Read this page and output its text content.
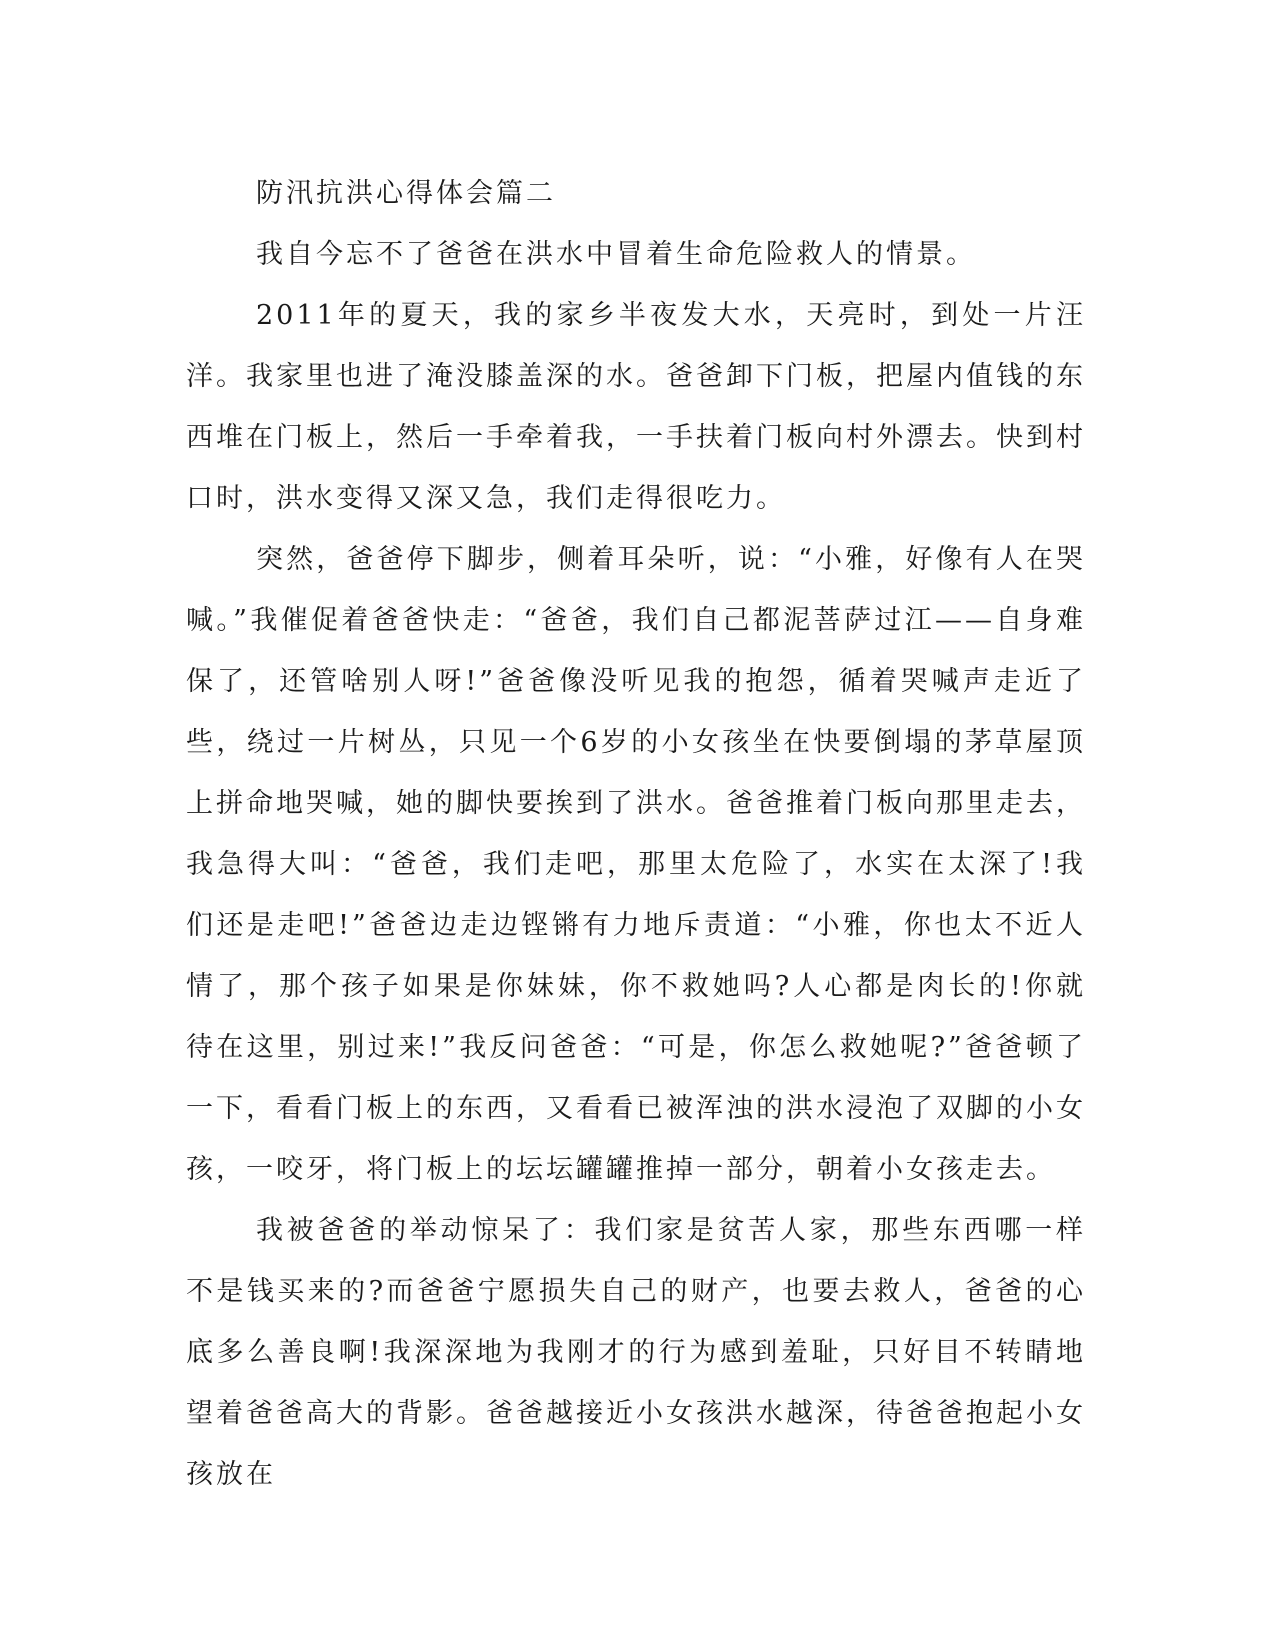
防汛抗洪心得体会篇二

我自今忘不了爸爸在洪水中冒着生命危险救人的情景。

2011年的夏天，我的家乡半夜发大水，天亮时，到处一片汪洋。我家里也进了淹没膝盖深的水。爸爸卸下门板，把屋内值钱的东西堆在门板上，然后一手牵着我，一手扶着门板向村外漂去。快到村口时，洪水变得又深又急，我们走得很吃力。

突然，爸爸停下脚步，侧着耳朵听，说：“小雅，好像有人在哭喊。”我催促着爸爸快走：“爸爸，我们自己都泥菩萨过江——自身难保了，还管啥别人呀!”爸爸像没听见我的抱怨，循着哭喊声走近了些，绕过一片树丛，只见一个6岁的小女孩坐在快要倒塌的茅草屋顶上拼命地哭喊，她的脚快要挨到了洪水。爸爸推着门板向那里走去，我急得大叫：“爸爸，我们走吧，那里太危险了，水实在太深了!我们还是走吧!”爸爸边走边铿锵有力地斥责道：“小雅，你也太不近人情了，那个孩子如果是你妹妹，你不救她吗?人心都是肉长的!你就待在这里，别过来!”我反问爸爸：“可是，你怎么救她呢?”爸爸顿了一下，看看门板上的东西，又看看已被浑浊的洪水浸泡了双脚的小女孩，一咬牙，将门板上的坛坛罐罐推掉一部分，朝着小女孩走去。

我被爸爸的举动惊呆了：我们家是贫苦人家，那些东西哪一样不是钱买来的?而爸爸宁愿损失自己的财产，也要去救人，爸爸的心底多么善良啊!我深深地为我刚才的行为感到羞耻，只好目不转睛地望着爸爸高大的背影。爸爸越接近小女孩洪水越深，待爸爸抱起小女孩放在
